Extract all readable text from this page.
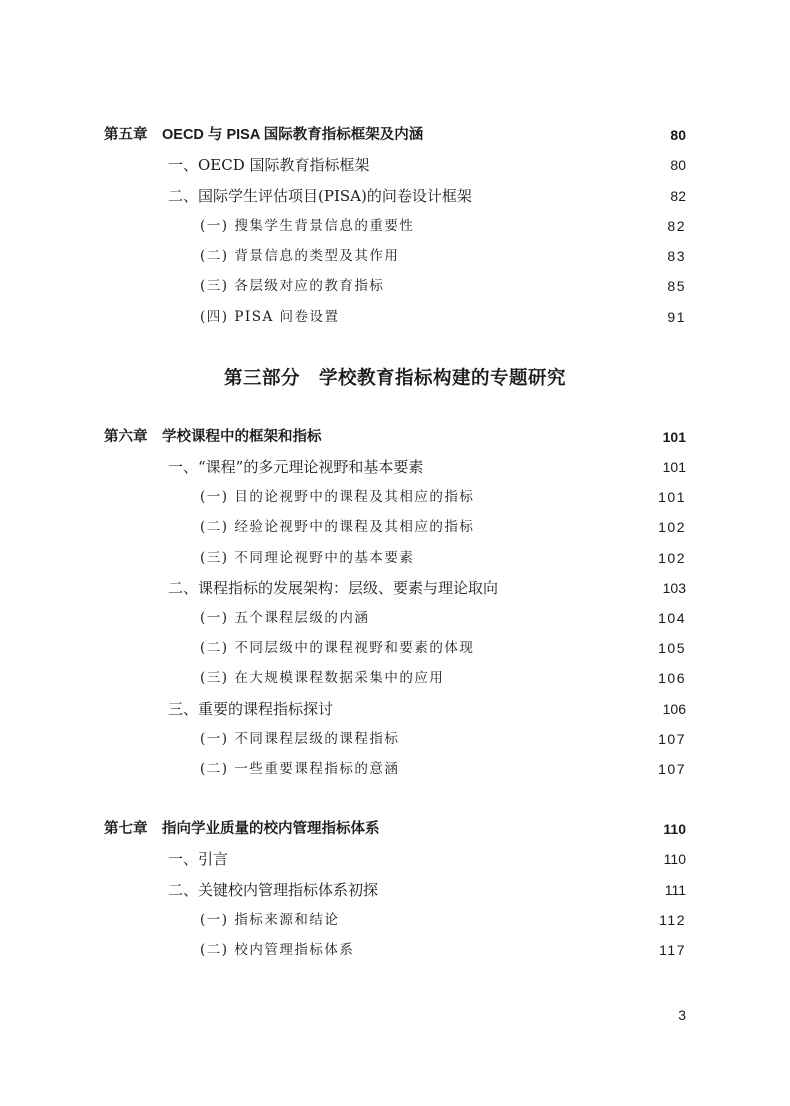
第五章　OECD 与 PISA 国际教育指标框架及内涵	80
一、OECD 国际教育指标框架	80
二、国际学生评估项目(PISA)的问卷设计框架	82
(一) 搜集学生背景信息的重要性	82
(二) 背景信息的类型及其作用	83
(三) 各层级对应的教育指标	85
(四) PISA 问卷设置	91
第三部分　学校教育指标构建的专题研究
第六章　学校课程中的框架和指标	101
一、“课程”的多元理论视野和基本要素	101
(一) 目的论视野中的课程及其相应的指标	101
(二) 经验论视野中的课程及其相应的指标	102
(三) 不同理论视野中的基本要素	102
二、课程指标的发展架构：层级、要素与理论取向	103
(一) 五个课程层级的内涵	104
(二) 不同层级中的课程视野和要素的体现	105
(三) 在大规模课程数据采集中的应用	106
三、重要的课程指标探讨	106
(一) 不同课程层级的课程指标	107
(二) 一些重要课程指标的意涵	107
第七章　指向学业质量的校内管理指标体系	110
一、引言	110
二、关键校内管理指标体系初探	111
(一) 指标来源和结论	112
(二) 校内管理指标体系	117
3
